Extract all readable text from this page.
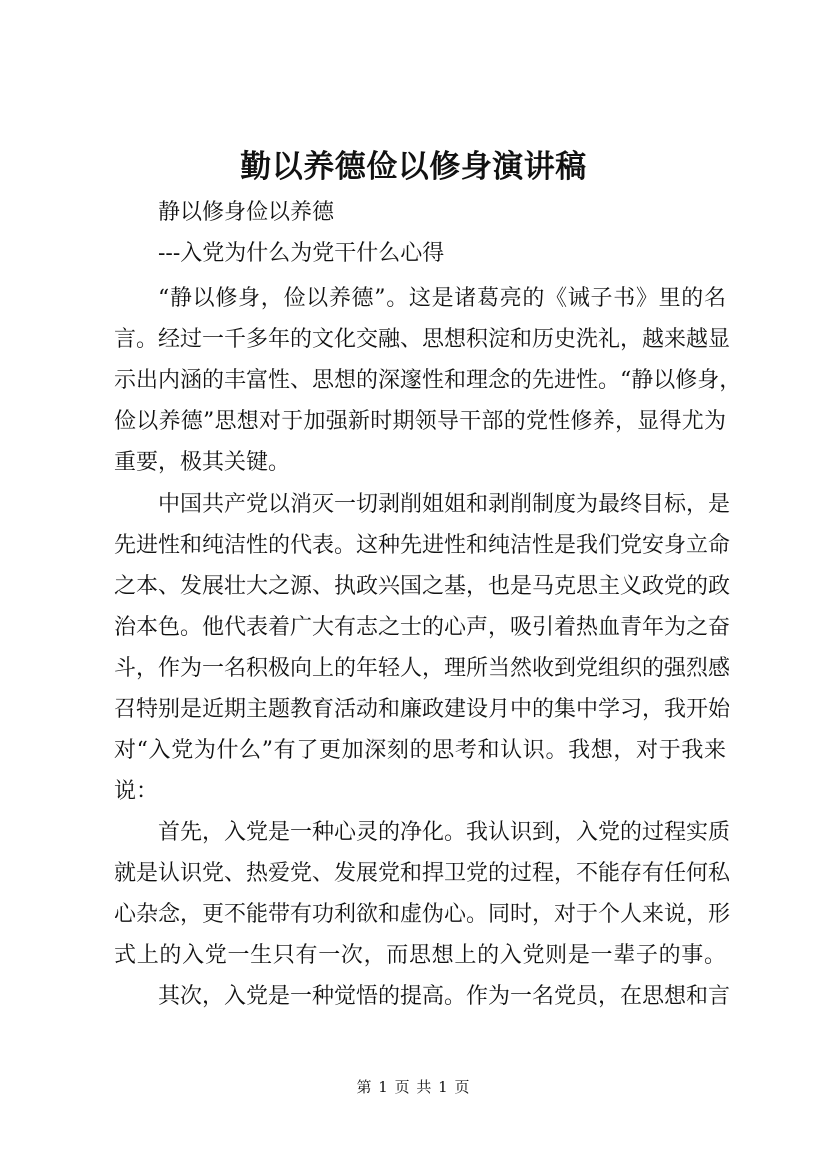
勤以养德俭以修身演讲稿
静以修身俭以养德
---入党为什么为党干什么心得
“静以修身，俭以养德”。这是诸葛亮的《诫子书》里的名
言。经过一千多年的文化交融、思想积淀和历史洗礼，越来越显
示出内涵的丰富性、思想的深邃性和理念的先进性。“静以修身，
俭以养德”思想对于加强新时期领导干部的党性修养，显得尤为
重要，极其关键。
中国共产党以消灭一切剥削姐姐和剥削制度为最终目标，是
先进性和纯洁性的代表。这种先进性和纯洁性是我们党安身立命
之本、发展壮大之源、执政兴国之基，也是马克思主义政党的政
治本色。他代表着广大有志之士的心声，吸引着热血青年为之奋
斗，作为一名积极向上的年轻人，理所当然收到党组织的强烈感
召特别是近期主题教育活动和廉政建设月中的集中学习，我开始
对“入党为什么”有了更加深刻的思考和认识。我想，对于我来
说：
首先，入党是一种心灵的净化。我认识到，入党的过程实质
就是认识党、热爱党、发展党和捍卫党的过程，不能存有任何私
心杂念，更不能带有功利欲和虚伪心。同时，对于个人来说，形
式上的入党一生只有一次，而思想上的入党则是一辈子的事。
其次，入党是一种觉悟的提高。作为一名党员，在思想和言
第 1 页 共 1 页
